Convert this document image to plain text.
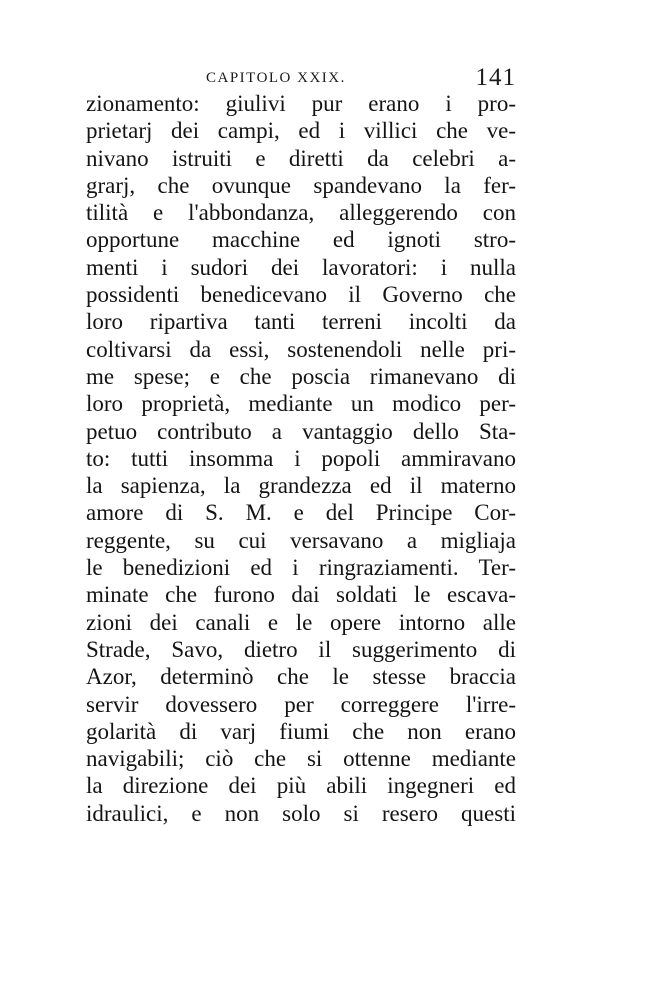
CAPITOLO XXIX.	141
zionamento: giulivi pur erano i pro-
prietarj dei campi, ed i villici che ve-
nivano istruiti e diretti da celebri a-
grarj, che ovunque spandevano la fer-
tilità e l'abbondanza, alleggerendo con
opportune macchine ed ignoti stro-
menti i sudori dei lavoratori: i nulla
possidenti benedicevano il Governo che
loro ripartiva tanti terreni incolti da
coltivarsi da essi, sostenendoli nelle pri-
me spese; e che poscia rimanevano di
loro proprietà, mediante un modico per-
petuo contributo a vantaggio dello Sta-
to: tutti insomma i popoli ammiravano
la sapienza, la grandezza ed il materno
amore di S. M. e del Principe Cor-
reggente, su cui versavano a migliaja
le benedizioni ed i ringraziamenti. Ter-
minate che furono dai soldati le escava-
zioni dei canali e le opere intorno alle
Strade, Savo, dietro il suggerimento di
Azor, determinò che le stesse braccia
servir dovessero per correggere l'irre-
golarità di varj fiumi che non erano
navigabili; ciò che si ottenne mediante
la direzione dei più abili ingegneri ed
idraulici, e non solo si resero questi
